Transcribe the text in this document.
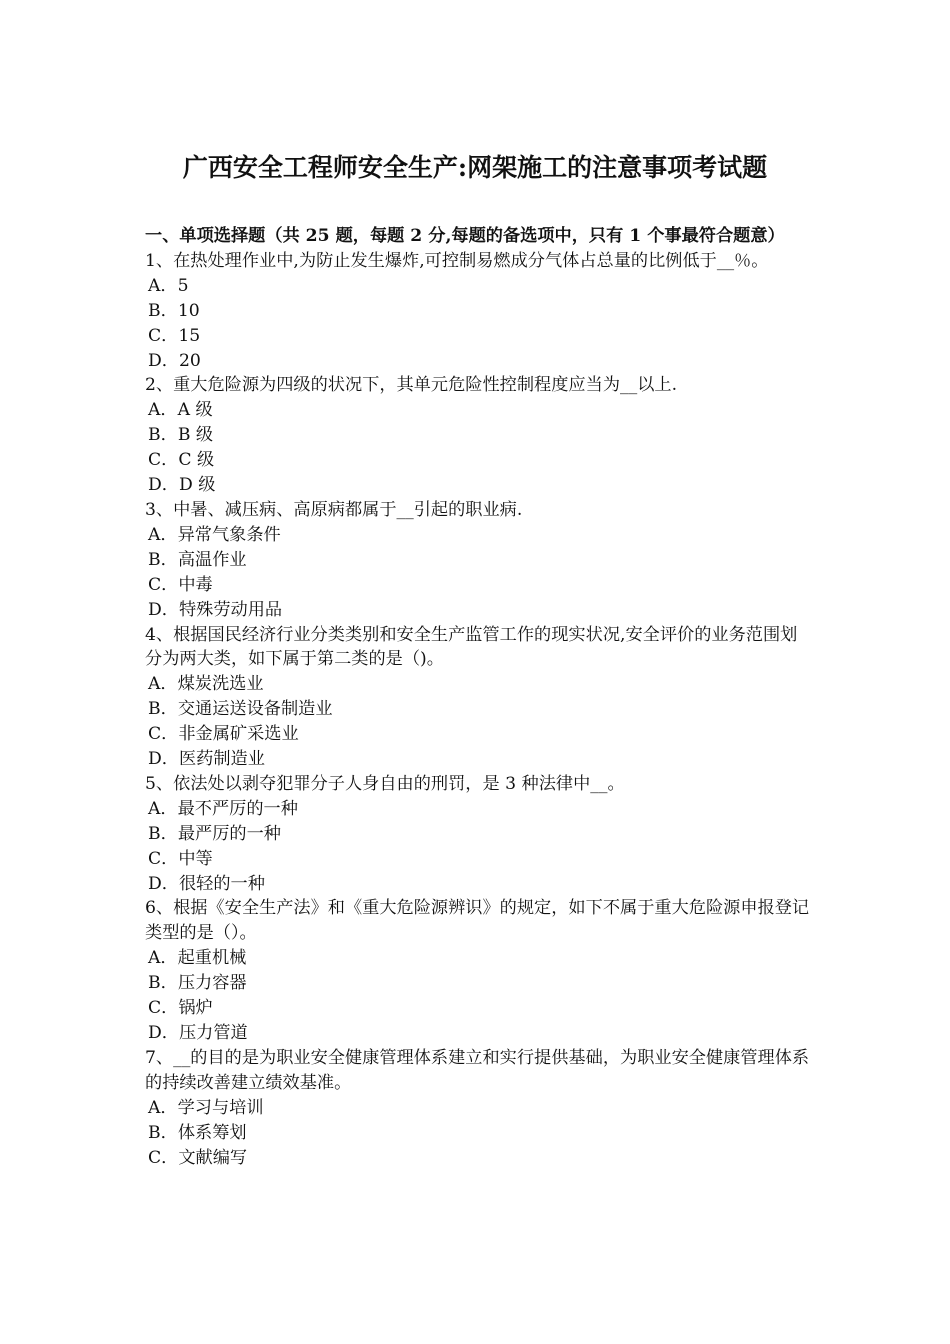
广西安全工程师安全生产:网架施工的注意事项考试题

一、单项选择题（共 25 题，每题 2 分,每题的备选项中，只有 1 个事最符合题意）

1、在热处理作业中,为防止发生爆炸,可控制易燃成分气体占总量的比例低于__％。

A．5

B．10

C．15

D．20

2、重大危险源为四级的状况下，其单元危险性控制程度应当为__以上.

A．A 级

B．B 级

C．C 级

D．D 级

3、中暑、减压病、高原病都属于__引起的职业病.

A．异常气象条件

B．高温作业

C．中毒

D．特殊劳动用品

4、根据国民经济行业分类类别和安全生产监管工作的现实状况,安全评价的业务范围划分为两大类，如下属于第二类的是（)。

A．煤炭洗选业

B．交通运送设备制造业

C．非金属矿采选业

D．医药制造业

5、依法处以剥夺犯罪分子人身自由的刑罚，是 3 种法律中__。

A．最不严厉的一种

B．最严厉的一种

C．中等

D．很轻的一种

6、根据《安全生产法》和《重大危险源辨识》的规定，如下不属于重大危险源申报登记类型的是（）。

A．起重机械

B．压力容器

C．锅炉

D．压力管道

7、__的目的是为职业安全健康管理体系建立和实行提供基础，为职业安全健康管理体系的持续改善建立绩效基准。

A．学习与培训

B．体系筹划

C．文献编写
